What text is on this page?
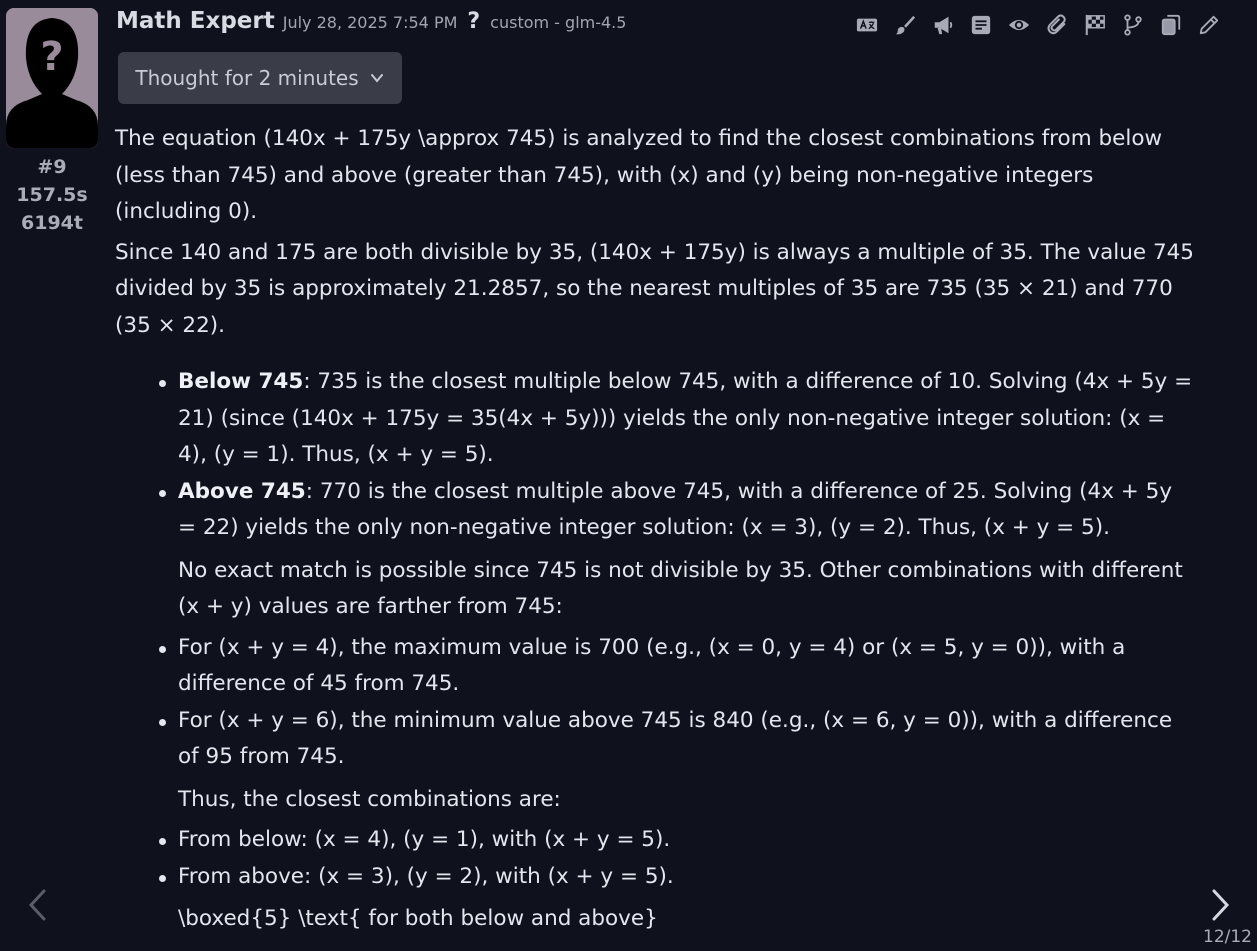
?
#9
157.5s
6194t
Math Expert July 28, 2025 7:54 PM ? custom - glm-4.5
Thought for 2 minutes

The equation (140x + 175y \approx 745) is analyzed to find the closest combinations from below (less than 745) and above (greater than 745), with (x) and (y) being non-negative integers (including 0).

Since 140 and 175 are both divisible by 35, (140x + 175y) is always a multiple of 35. The value 745 divided by 35 is approximately 21.2857, so the nearest multiples of 35 are 735 (35 × 21) and 770 (35 × 22).

Below 745: 735 is the closest multiple below 745, with a difference of 10. Solving (4x + 5y = 21) (since (140x + 175y = 35(4x + 5y))) yields the only non-negative integer solution: (x = 4), (y = 1). Thus, (x + y = 5).
Above 745: 770 is the closest multiple above 745, with a difference of 25. Solving (4x + 5y = 22) yields the only non-negative integer solution: (x = 3), (y = 2). Thus, (x + y = 5).

No exact match is possible since 745 is not divisible by 35. Other combinations with different (x + y) values are farther from 745:

For (x + y = 4), the maximum value is 700 (e.g., (x = 0, y = 4) or (x = 5, y = 0)), with a difference of 45 from 745.
For (x + y = 6), the minimum value above 745 is 840 (e.g., (x = 6, y = 0)), with a difference of 95 from 745.

Thus, the closest combinations are:

From below: (x = 4), (y = 1), with (x + y = 5).
From above: (x = 3), (y = 2), with (x + y = 5).

\boxed{5} \text{ for both below and above}

12/12
